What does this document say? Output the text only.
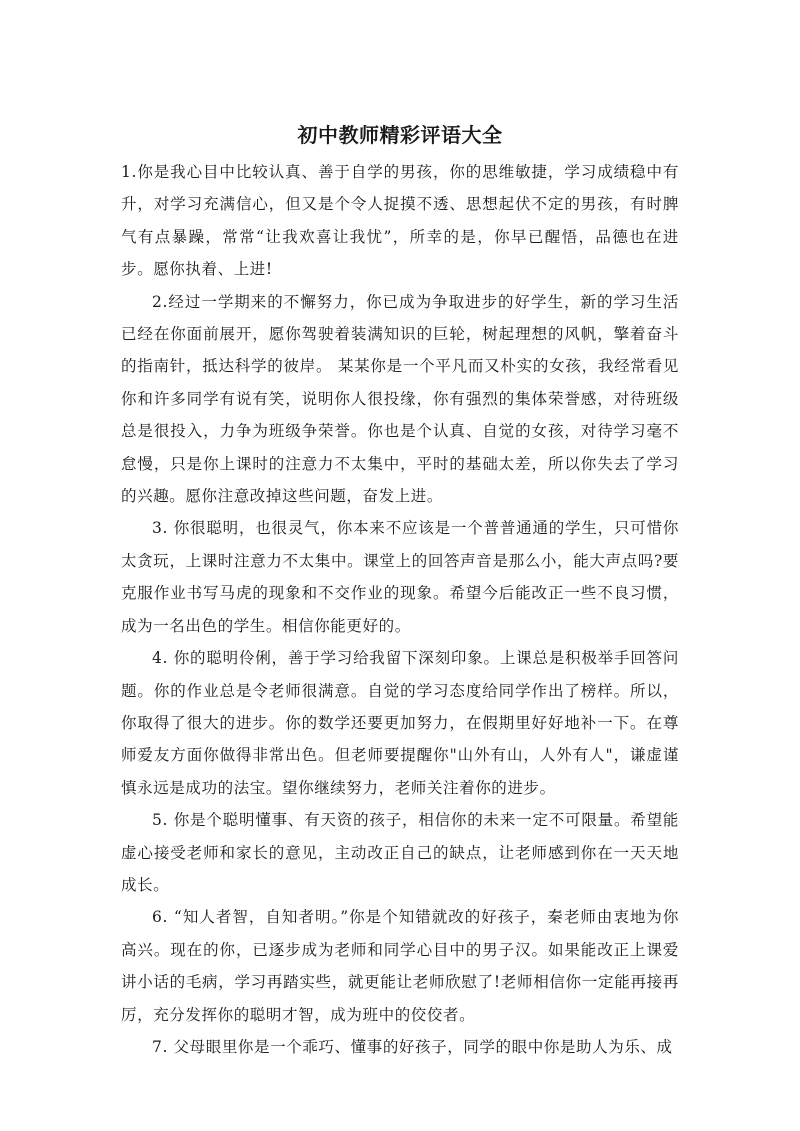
初中教师精彩评语大全

1.你是我心目中比较认真、善于自学的男孩，你的思维敏捷，学习成绩稳中有升，对学习充满信心，但又是个令人捉摸不透、思想起伏不定的男孩，有时脾气有点暴躁，常常“让我欢喜让我忧”，所幸的是，你早已醒悟，品德也在进步。愿你执着、上进!

2.经过一学期来的不懈努力，你已成为争取进步的好学生，新的学习生活已经在你面前展开，愿你驾驶着装满知识的巨轮，树起理想的风帆，擎着奋斗的指南针，抵达科学的彼岸。 某某你是一个平凡而又朴实的女孩，我经常看见你和许多同学有说有笑，说明你人很投缘，你有强烈的集体荣誉感，对待班级总是很投入，力争为班级争荣誉。你也是个认真、自觉的女孩，对待学习毫不怠慢，只是你上课时的注意力不太集中，平时的基础太差，所以你失去了学习的兴趣。愿你注意改掉这些问题，奋发上进。

3. 你很聪明，也很灵气，你本来不应该是一个普普通通的学生，只可惜你太贪玩，上课时注意力不太集中。课堂上的回答声音是那么小，能大声点吗?要克服作业书写马虎的现象和不交作业的现象。希望今后能改正一些不良习惯，成为一名出色的学生。相信你能更好的。

4. 你的聪明伶俐，善于学习给我留下深刻印象。上课总是积极举手回答问题。你的作业总是令老师很满意。自觉的学习态度给同学作出了榜样。所以，你取得了很大的进步。你的数学还要更加努力，在假期里好好地补一下。在尊师爱友方面你做得非常出色。但老师要提醒你"山外有山，人外有人"，谦虚谨慎永远是成功的法宝。望你继续努力，老师关注着你的进步。

5. 你是个聪明懂事、有天资的孩子，相信你的未来一定不可限量。希望能虚心接受老师和家长的意见，主动改正自己的缺点，让老师感到你在一天天地成长。

6. “知人者智，自知者明。”你是个知错就改的好孩子，秦老师由衷地为你高兴。现在的你，已逐步成为老师和同学心目中的男子汉。如果能改正上课爱讲小话的毛病，学习再踏实些，就更能让老师欣慰了!老师相信你一定能再接再厉，充分发挥你的聪明才智，成为班中的佼佼者。

7. 父母眼里你是一个乖巧、懂事的好孩子，同学的眼中你是助人为乐、成
